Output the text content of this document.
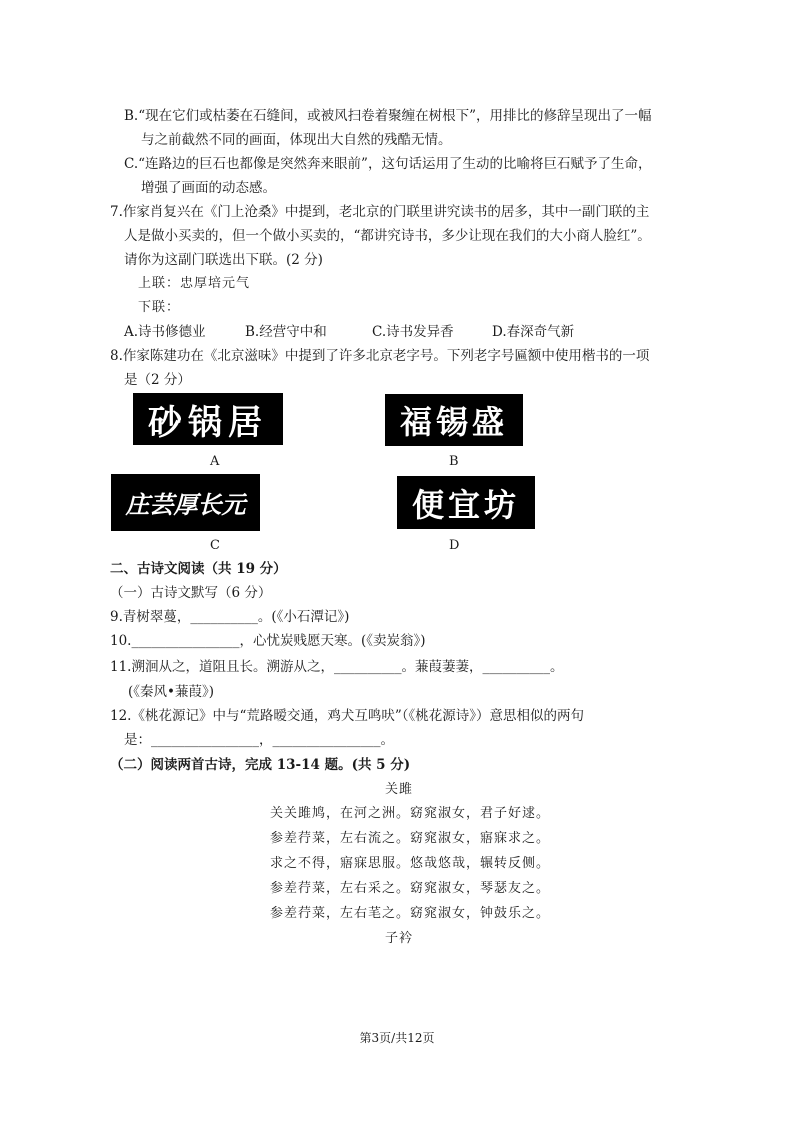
B.“现在它们或枯萎在石缝间，或被风扫卷着聚缠在树根下”，用排比的修辞呈现出了一幅
与之前截然不同的画面，体现出大自然的残酷无情。
C.“连路边的巨石也都像是突然奔来眼前”，这句话运用了生动的比喻将巨石赋予了生命，
增强了画面的动态感。
7.作家肖复兴在《门上沧桑》中提到，老北京的门联里讲究读书的居多，其中一副门联的主
人是做小买卖的，但一个做小买卖的，“都讲究诗书，多少让现在我们的大小商人脸红”。
请你为这副门联选出下联。(2 分)
上联：忠厚培元气
下联：
A.诗书修德业	B.经营守中和	C.诗书发异香	D.春深奇气新
8.作家陈建功在《北京滋味》中提到了许多北京老字号。下列老字号匾额中使用楷书的一项
是（2 分）
砂锅居
A
福锡盛
B
庄芸厚长元
C
便宜坊
D
二、古诗文阅读（共 19 分）
（一）古诗文默写（6 分）
9.青树翠蔓，__________。(《小石潭记》)
10.________________，心忧炭贱愿天寒。(《卖炭翁》)
11.溯洄从之，道阻且长。溯游从之，__________。蒹葭萋萋，__________。
(《秦风•蒹葭》)
12.《桃花源记》中与“荒路暧交通，鸡犬互鸣吠”（《桃花源诗》）意思相似的两句
是：________________，________________。
（二）阅读两首古诗，完成 13-14 题。(共 5 分)
关雎
关关雎鸠，在河之洲。窈窕淑女，君子好逑。
参差荇菜，左右流之。窈窕淑女，寤寐求之。
求之不得，寤寐思服。悠哉悠哉，辗转反侧。
参差荇菜，左右采之。窈窕淑女，琴瑟友之。
参差荇菜，左右芼之。窈窕淑女，钟鼓乐之。
子衿
第3页/共12页
